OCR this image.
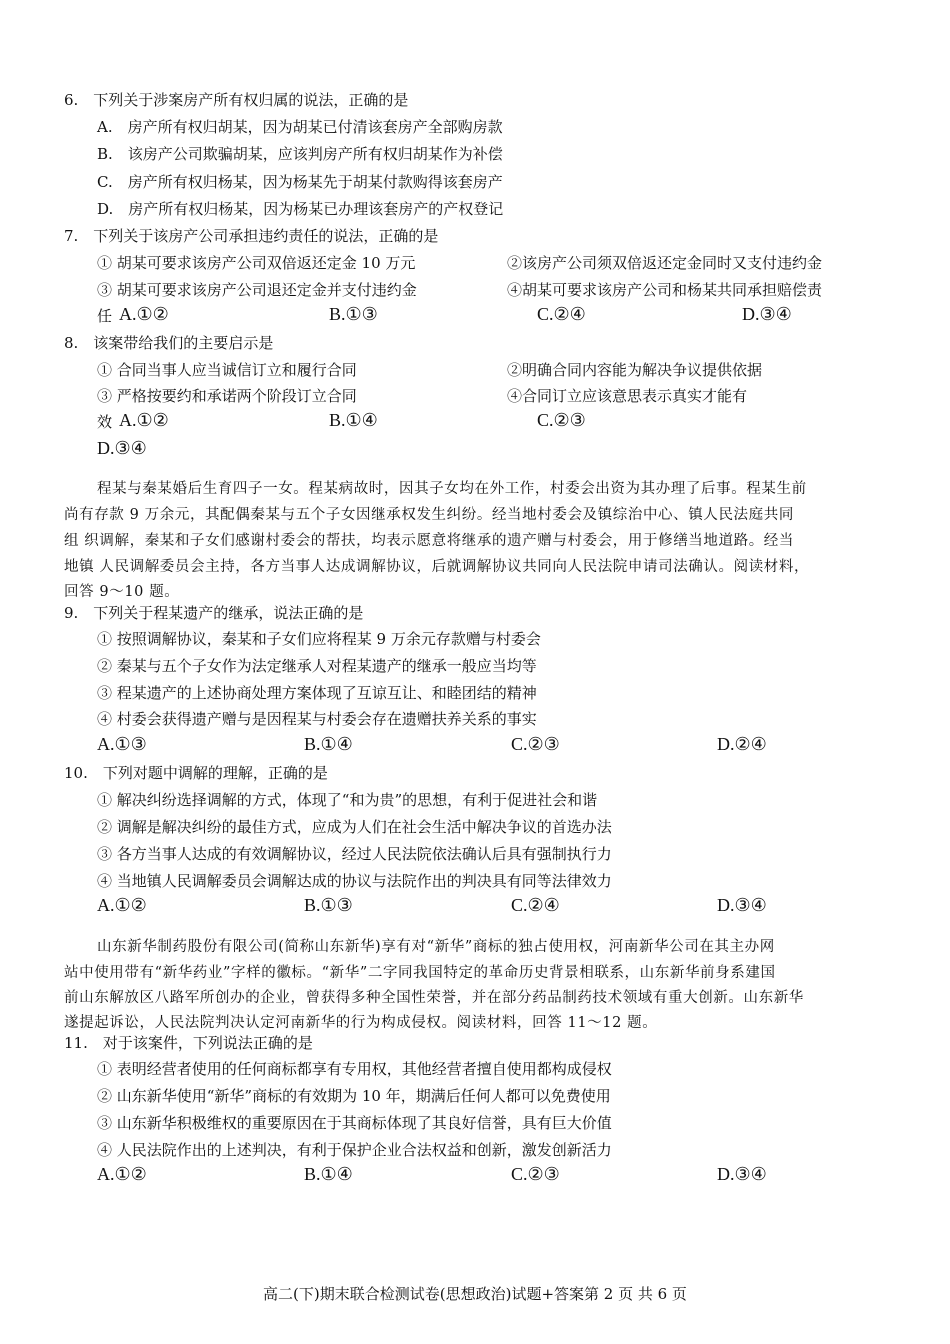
6.　下列关于涉案房产所有权归属的说法，正确的是
A.　房产所有权归胡某，因为胡某已付清该套房产全部购房款
B.　该房产公司欺骗胡某，应该判房产所有权归胡某作为补偿
C.　房产所有权归杨某，因为杨某先于胡某付款购得该套房产
D.　房产所有权归杨某，因为杨某已办理该套房产的产权登记
7.　下列关于该房产公司承担违约责任的说法，正确的是
① 胡某可要求该房产公司双倍返还定金 10 万元	②该房产公司须双倍返还定金同时又支付违约金
③ 胡某可要求该房产公司退还定金并支付违约金	④胡某可要求该房产公司和杨某共同承担赔偿责
任 A.①②	B.①③	C.②④	D.③④
8.　该案带给我们的主要启示是
① 合同当事人应当诚信订立和履行合同	②明确合同内容能为解决争议提供依据
③ 严格按要约和承诺两个阶段订立合同	④合同订立应该意思表示真实才能有
效 A.①②	B.①④	C.②③
D.③④
程某与秦某婚后生育四子一女。程某病故时，因其子女均在外工作，村委会出资为其办理了后事。程某生前
尚有存款 9 万余元，其配偶秦某与五个子女因继承权发生纠纷。经当地村委会及镇综治中心、镇人民法庭共同
组 织调解，秦某和子女们感谢村委会的帮扶，均表示愿意将继承的遗产赠与村委会，用于修缮当地道路。经当
地镇 人民调解委员会主持，各方当事人达成调解协议，后就调解协议共同向人民法院申请司法确认。阅读材料，
回答 9～10 题。
9.　下列关于程某遗产的继承，说法正确的是
① 按照调解协议，秦某和子女们应将程某 9 万余元存款赠与村委会
② 秦某与五个子女作为法定继承人对程某遗产的继承一般应当均等
③ 程某遗产的上述协商处理方案体现了互谅互让、和睦团结的精神
④ 村委会获得遗产赠与是因程某与村委会存在遗赠扶养关系的事实
A.①③	B.①④	C.②③	D.②④
10.　下列对题中调解的理解，正确的是
① 解决纠纷选择调解的方式，体现了“和为贵”的思想，有利于促进社会和谐
② 调解是解决纠纷的最佳方式，应成为人们在社会生活中解决争议的首选办法
③ 各方当事人达成的有效调解协议，经过人民法院依法确认后具有强制执行力
④ 当地镇人民调解委员会调解达成的协议与法院作出的判决具有同等法律效力
A.①②	B.①③	C.②④	D.③④
山东新华制药股份有限公司(简称山东新华)享有对“新华”商标的独占使用权，河南新华公司在其主办网
站中使用带有“新华药业”字样的徽标。“新华”二字同我国特定的革命历史背景相联系，山东新华前身系建国
前山东解放区八路军所创办的企业，曾获得多种全国性荣誉，并在部分药品制药技术领域有重大创新。山东新华
遂提起诉讼，人民法院判决认定河南新华的行为构成侵权。阅读材料，回答 11～12 题。
11.　对于该案件，下列说法正确的是
① 表明经营者使用的任何商标都享有专用权，其他经营者擅自使用都构成侵权
② 山东新华使用“新华”商标的有效期为 10 年，期满后任何人都可以免费使用
③ 山东新华积极维权的重要原因在于其商标体现了其良好信誉，具有巨大价值
④ 人民法院作出的上述判决，有利于保护企业合法权益和创新，激发创新活力
A.①②	B.①④	C.②③	D.③④
高二(下)期末联合检测试卷(思想政治)试题+答案第 2 页 共 6 页
